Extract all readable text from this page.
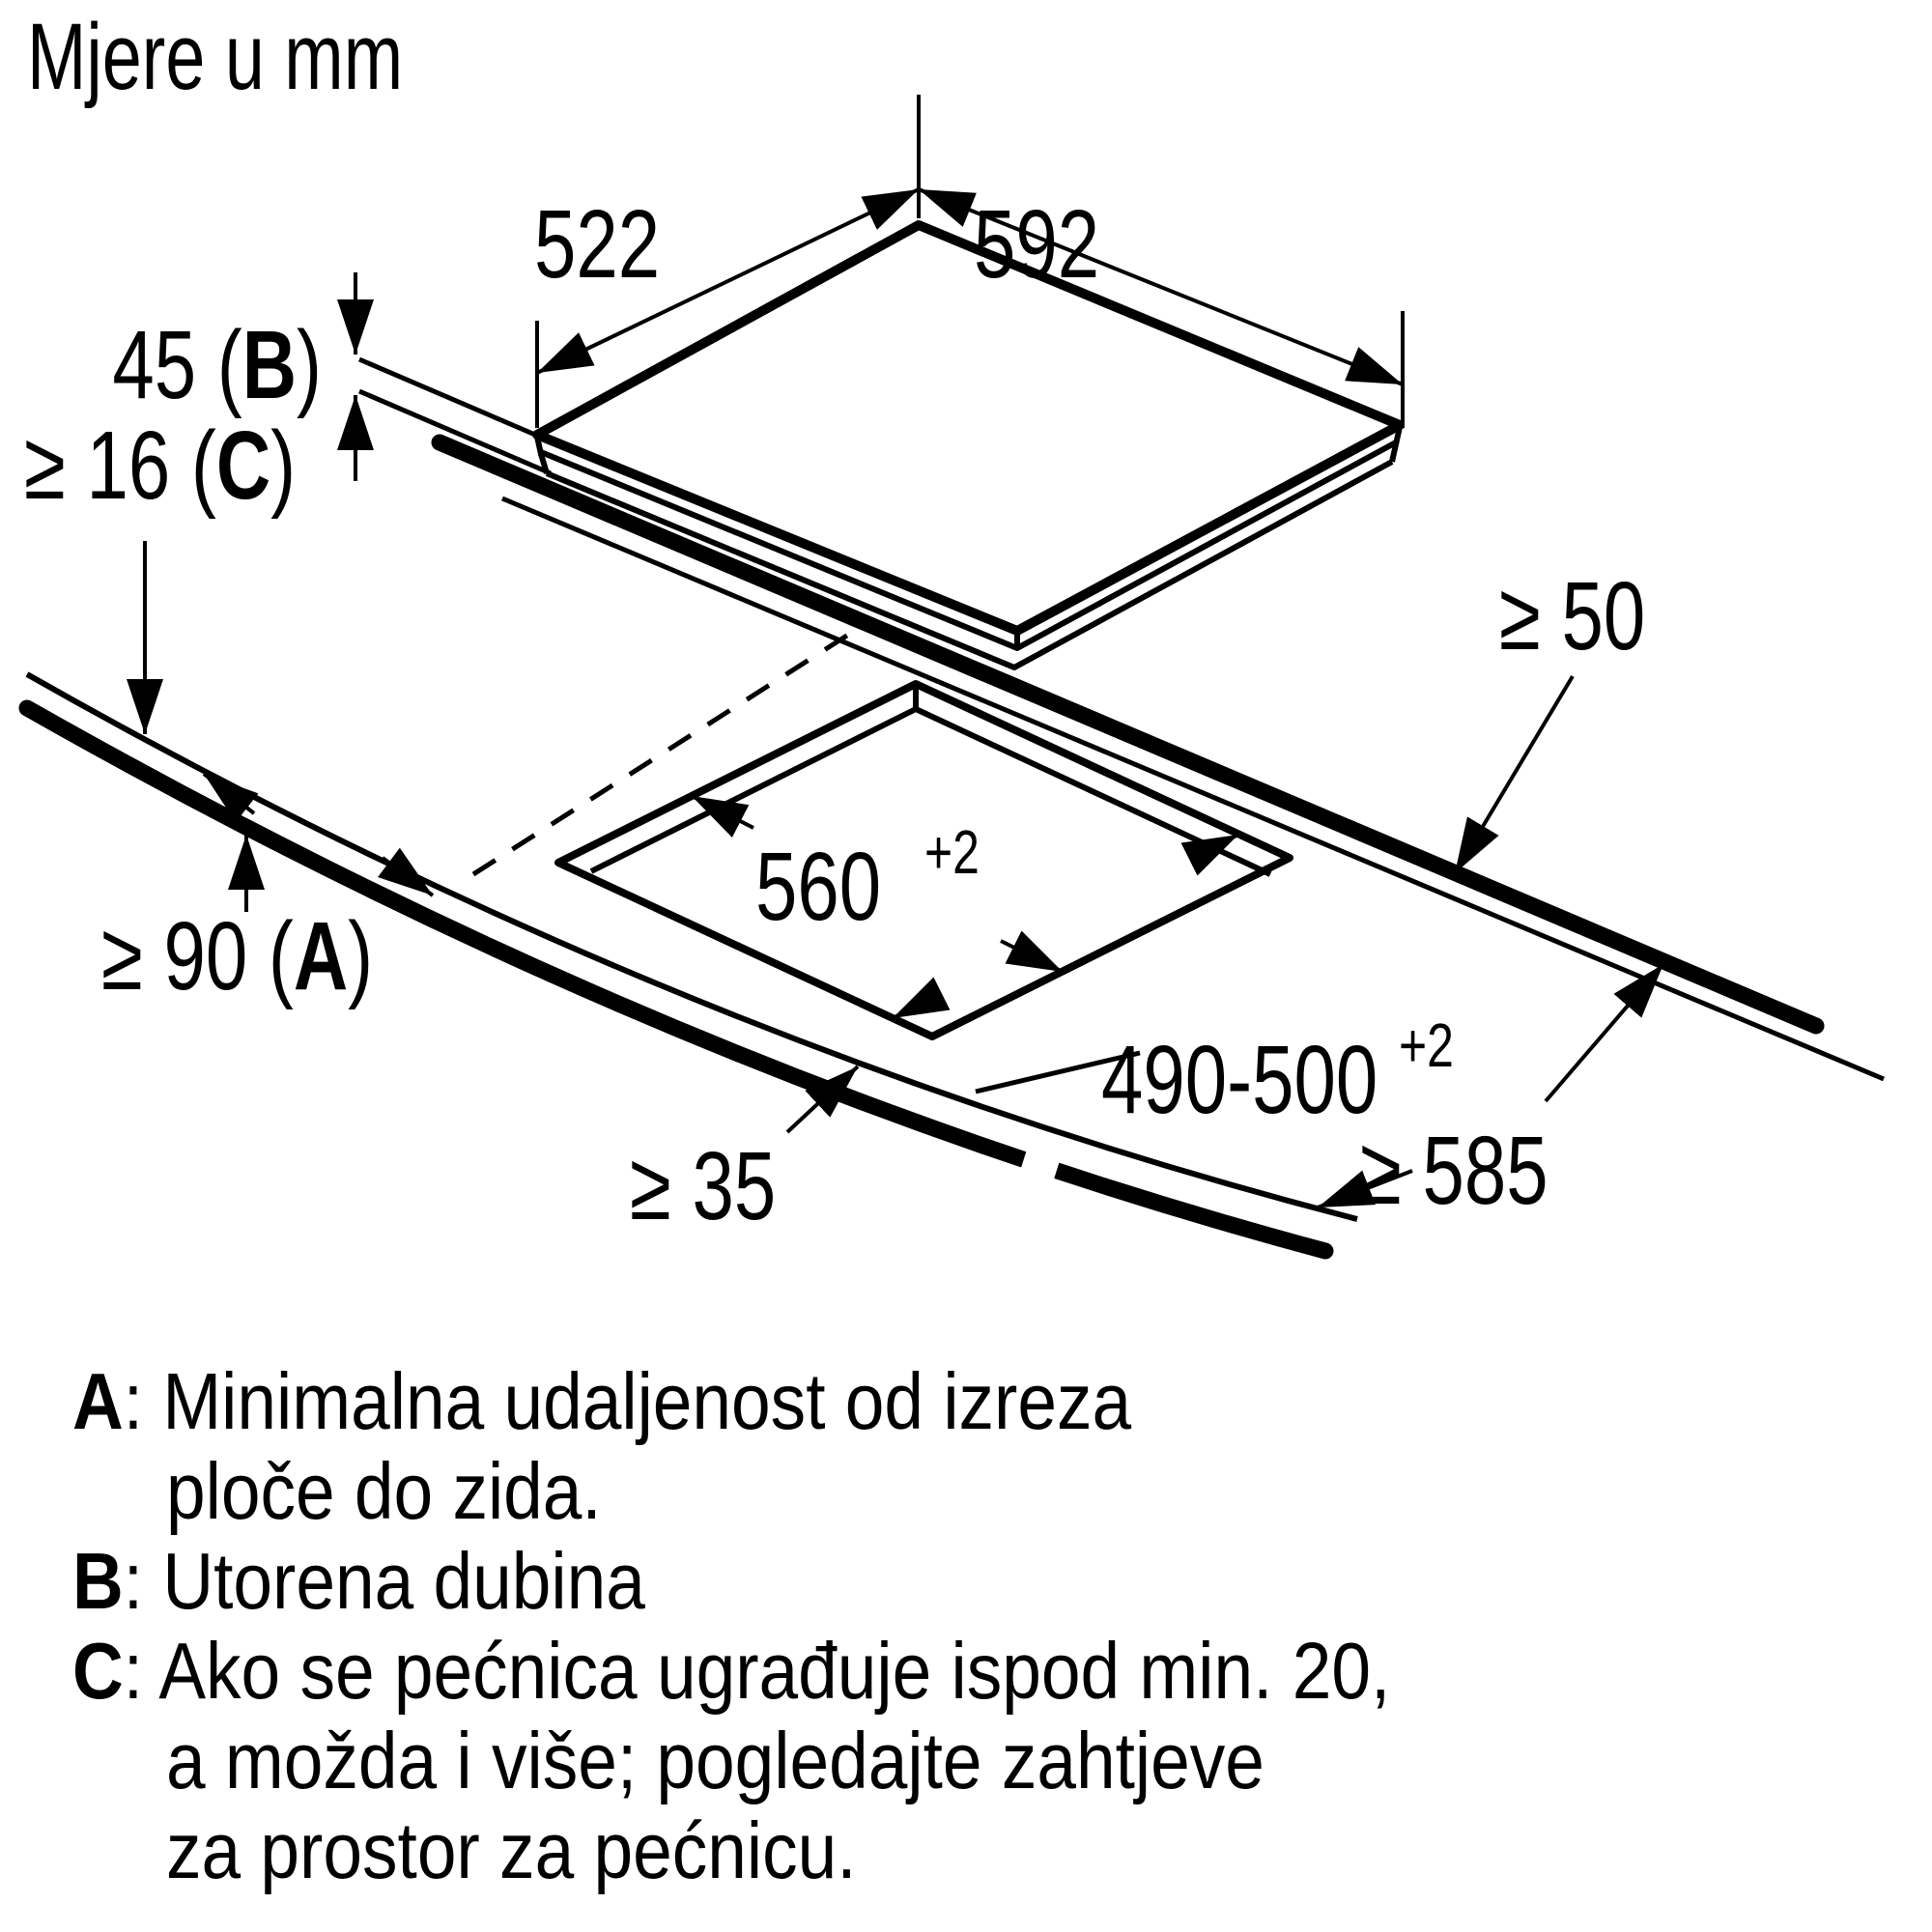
Mjere u mm
522	592
45 (B)
≥ 16 (C)
≥ 90 (A)
≥ 50
560 +2
490-500 +2
≥ 35	≥ 585
A: Minimalna udaljenost od izreza
ploče do zida.
B: Utorena dubina
C: Ako se pećnica ugrađuje ispod min. 20,
a možda i više; pogledajte zahtjeve
za prostor za pećnicu.
